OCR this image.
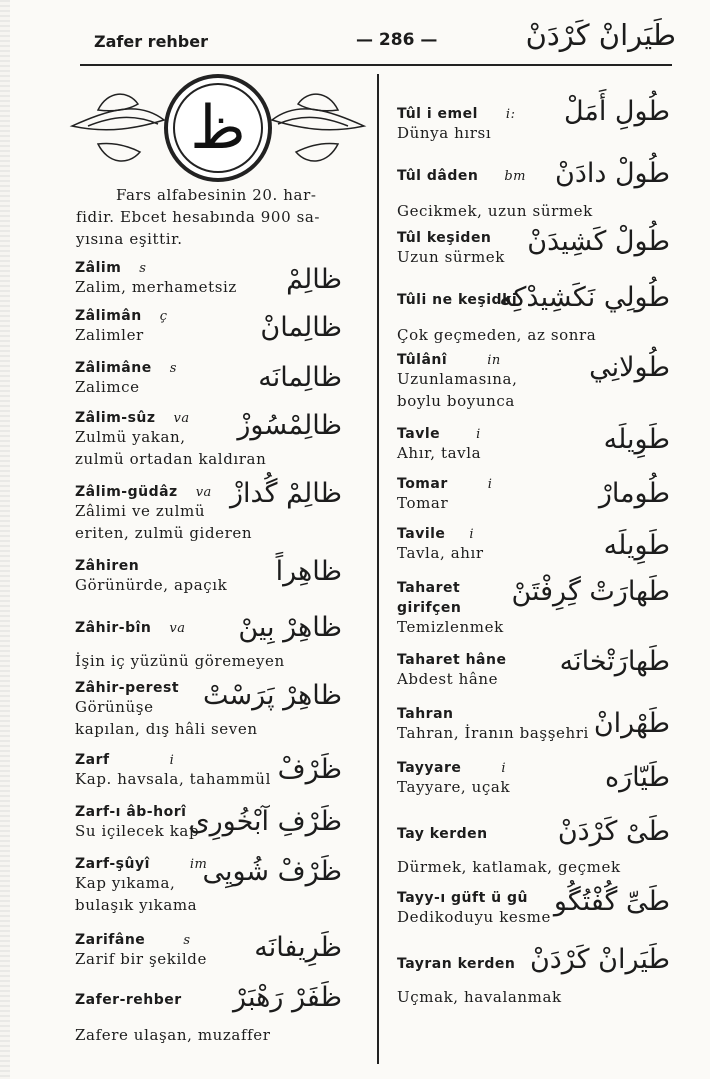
Zafer rehber	— 286 —	طَيَرانْ كَرْدَنْ
ظ
Fars alfabesinin 20. har-
fidir. Ebcet hesabında 900 sa-
yısına eşittir.
Zâlim s
Zalim, merhametsiz ظالِمْ
Zâlimân ç
Zalimler	ظالِمانْ
Zâlimâne s
Zalimce	ظالِمانَه
Zâlim-sûz va
Zulmü yakan,
zulmü ortadan kaldıran
ظالِمْسُوزْ
Zâlim-güdâz va
Zâlimi ve zulmü
eriten, zulmü gideren
ظالِمْ گُدازْ
Zâhiren
Görünürde, apaçık	ظاهِراً
Zâhir-bîn va ظاهِرْ بِينْ
İşin iç yüzünü göremeyen
Zâhir-perest
Görünüşe
kapılan, dış hâli seven
ظاهِرْ پَرَسْتْ
Zarf	i
Kap. havsala, tahammül ظَرْفْ
Zarf-ı âb-horî
Su içilecek kap
ظَرْفِ آبْخُورِی
Zarf-şûyî	im
Kap yıkama,
bulaşık yıkama
ظَرْفْ شُویِی
Zarifâne	s
Zarif bir şekilde ظَرِيفانَه
Zafer-rehber ظَفَرْ رَهْبَرْ
Zafere ulaşan, muzaffer
Tûl i emel i:
Dünya hırsı
طُولِ أَمَلْ
Tûl dâden bm طُولْ دادَنْ
Gecikmek, uzun sürmek
Tûl keşiden
Uzun sürmek طُولْ كَشِيدَنْ
Tûli ne keşidki
طُولِي نَكَشِيدْكِه
Çok geçmeden, az sonra
Tûlânî	in
Uzunlamasına,
boylu boyunca
طُولانِي
Tavle	i
Ahır, tavla	طَوِيلَه
Tomar	i
Tomar	طُومارْ
Tavile i
Tavla, ahır	طَوِيلَه
Taharet
girifçen
Temizlenmek
طَهارَتْ گِرِفْتَنْ
Taharet hâne
Abdest hâne
طَهارَتْخانَه
Tahran
Tahran, İranın başşehri طَهْرانْ
Tayyare	i
Tayyare, uçak	طَيّارَه
Tay kerden	طَیْ كَرْدَنْ
Dürmek, katlamak, geçmek
Tayy-ı güft ü gû
Dedikoduyu kesme طَیِّ گُفْتُگُو
Tayran kerden طَيَرانْ كَرْدَنْ
Uçmak, havalanmak
